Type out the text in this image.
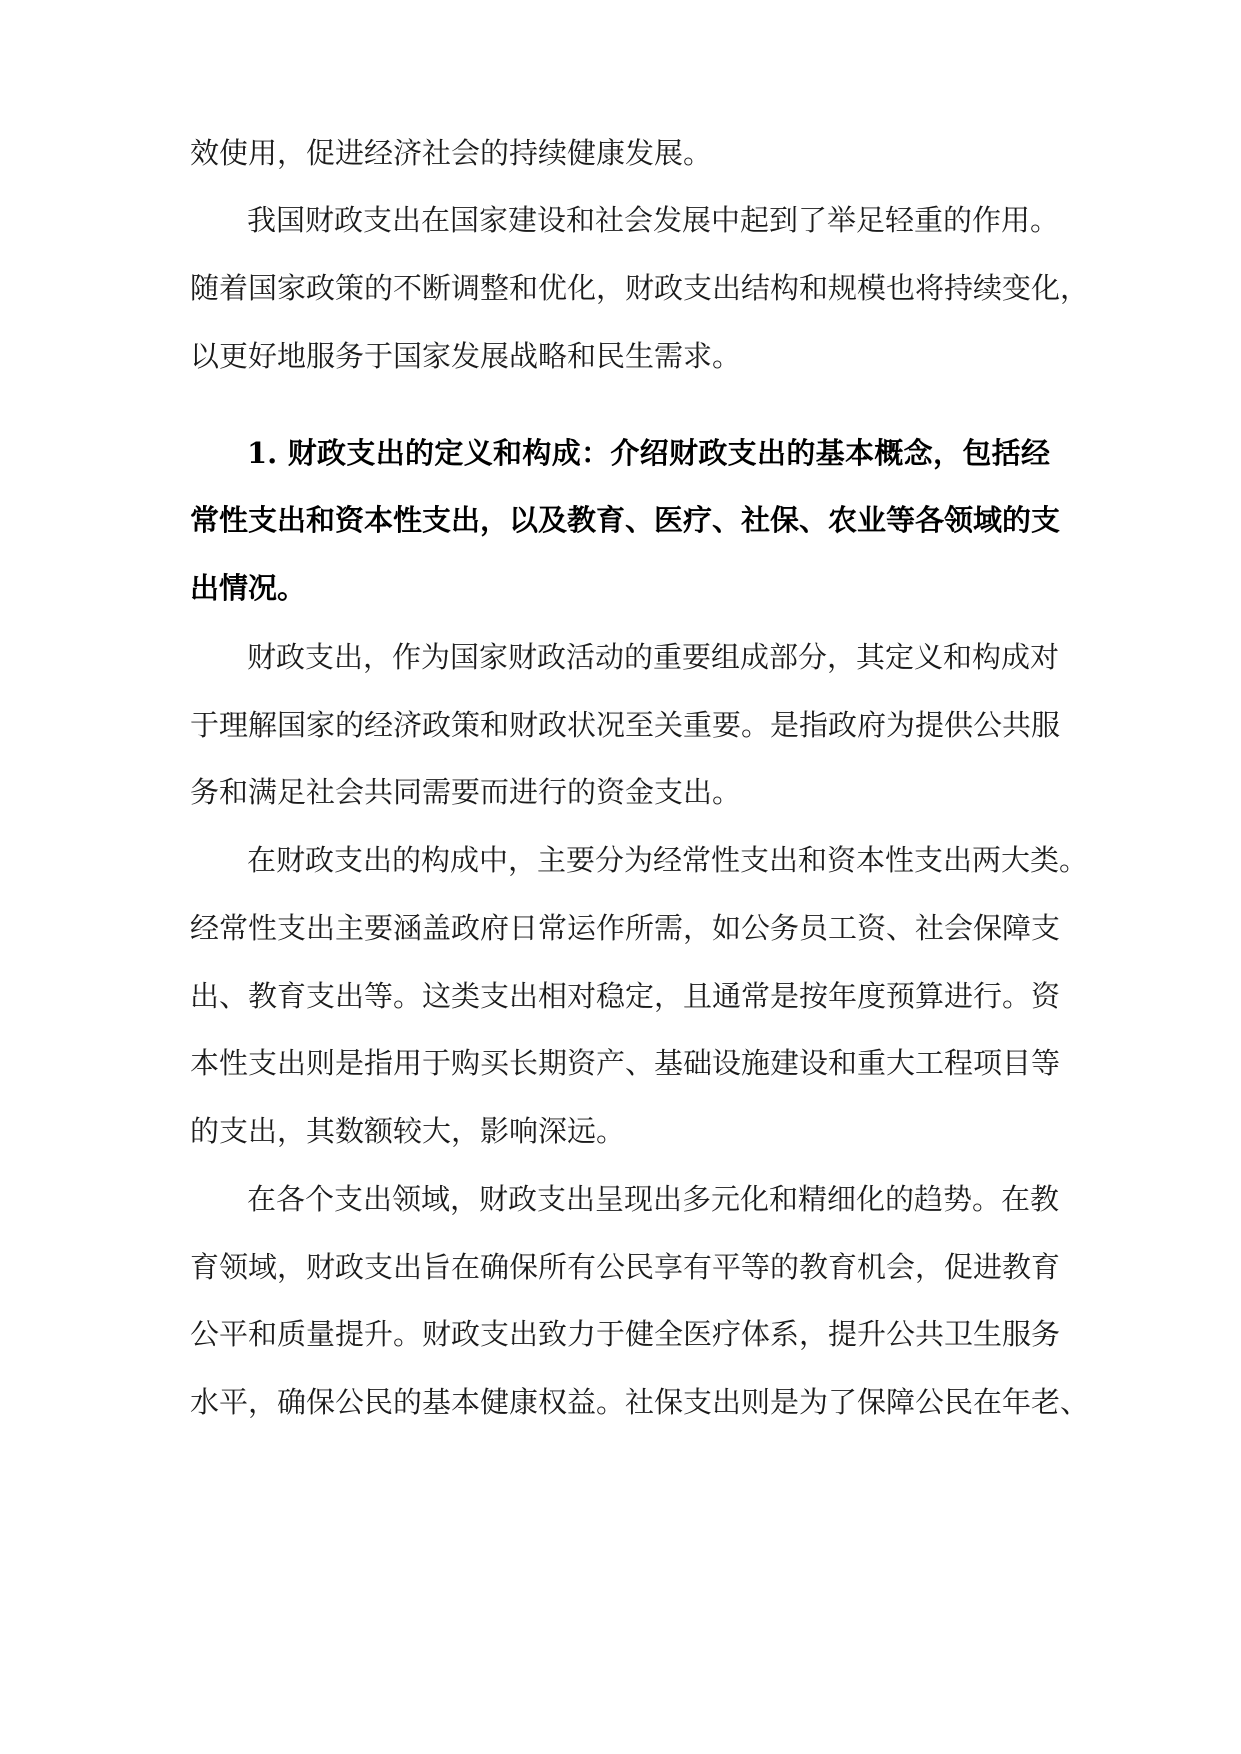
效使用，促进经济社会的持续健康发展。
我国财政支出在国家建设和社会发展中起到了举足轻重的作用。
随着国家政策的不断调整和优化，财政支出结构和规模也将持续变化，
以更好地服务于国家发展战略和民生需求。
1. 财政支出的定义和构成：介绍财政支出的基本概念，包括经
常性支出和资本性支出，以及教育、医疗、社保、农业等各领域的支
出情况。
财政支出，作为国家财政活动的重要组成部分，其定义和构成对
于理解国家的经济政策和财政状况至关重要。是指政府为提供公共服
务和满足社会共同需要而进行的资金支出。
在财政支出的构成中，主要分为经常性支出和资本性支出两大类。
经常性支出主要涵盖政府日常运作所需，如公务员工资、社会保障支
出、教育支出等。这类支出相对稳定，且通常是按年度预算进行。资
本性支出则是指用于购买长期资产、基础设施建设和重大工程项目等
的支出，其数额较大，影响深远。
在各个支出领域，财政支出呈现出多元化和精细化的趋势。在教
育领域，财政支出旨在确保所有公民享有平等的教育机会，促进教育
公平和质量提升。财政支出致力于健全医疗体系，提升公共卫生服务
水平，确保公民的基本健康权益。社保支出则是为了保障公民在年老、
